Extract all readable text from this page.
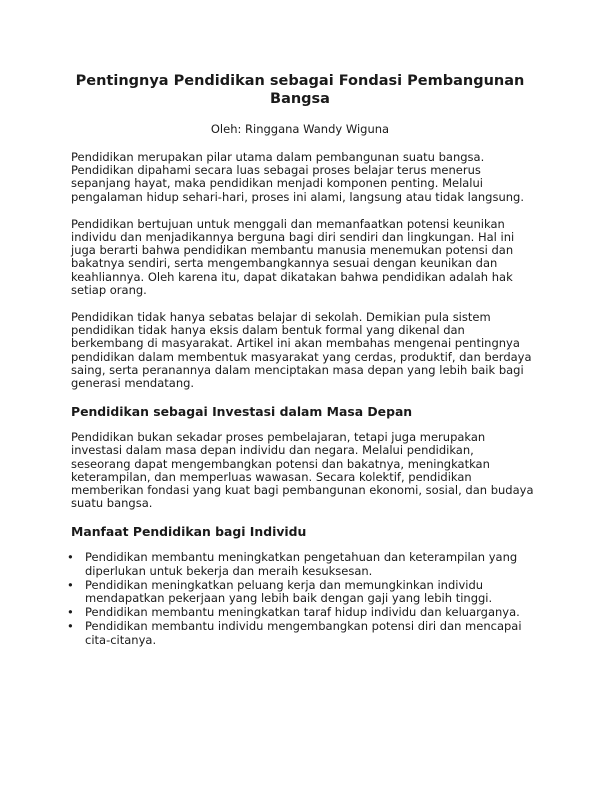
Pentingnya Pendidikan sebagai Fondasi Pembangunan Bangsa
Oleh: Ringgana Wandy Wiguna

Pendidikan merupakan pilar utama dalam pembangunan suatu bangsa. Pendidikan dipahami secara luas sebagai proses belajar terus menerus sepanjang hayat, maka pendidikan menjadi komponen penting. Melalui pengalaman hidup sehari-hari, proses ini alami, langsung atau tidak langsung.

Pendidikan bertujuan untuk menggali dan memanfaatkan potensi keunikan individu dan menjadikannya berguna bagi diri sendiri dan lingkungan. Hal ini juga berarti bahwa pendidikan membantu manusia menemukan potensi dan bakatnya sendiri, serta mengembangkannya sesuai dengan keunikan dan keahliannya. Oleh karena itu, dapat dikatakan bahwa pendidikan adalah hak setiap orang.

Pendidikan tidak hanya sebatas belajar di sekolah. Demikian pula sistem pendidikan tidak hanya eksis dalam bentuk formal yang dikenal dan berkembang di masyarakat. Artikel ini akan membahas mengenai pentingnya pendidikan dalam membentuk masyarakat yang cerdas, produktif, dan berdaya saing, serta peranannya dalam menciptakan masa depan yang lebih baik bagi generasi mendatang.

Pendidikan sebagai Investasi dalam Masa Depan

Pendidikan bukan sekadar proses pembelajaran, tetapi juga merupakan investasi dalam masa depan individu dan negara. Melalui pendidikan, seseorang dapat mengembangkan potensi dan bakatnya, meningkatkan keterampilan, dan memperluas wawasan. Secara kolektif, pendidikan memberikan fondasi yang kuat bagi pembangunan ekonomi, sosial, dan budaya suatu bangsa.

Manfaat Pendidikan bagi Individu
• Pendidikan membantu meningkatkan pengetahuan dan keterampilan yang diperlukan untuk bekerja dan meraih kesuksesan.
• Pendidikan meningkatkan peluang kerja dan memungkinkan individu mendapatkan pekerjaan yang lebih baik dengan gaji yang lebih tinggi.
• Pendidikan membantu meningkatkan taraf hidup individu dan keluarganya.
• Pendidikan membantu individu mengembangkan potensi diri dan mencapai cita-citanya.
